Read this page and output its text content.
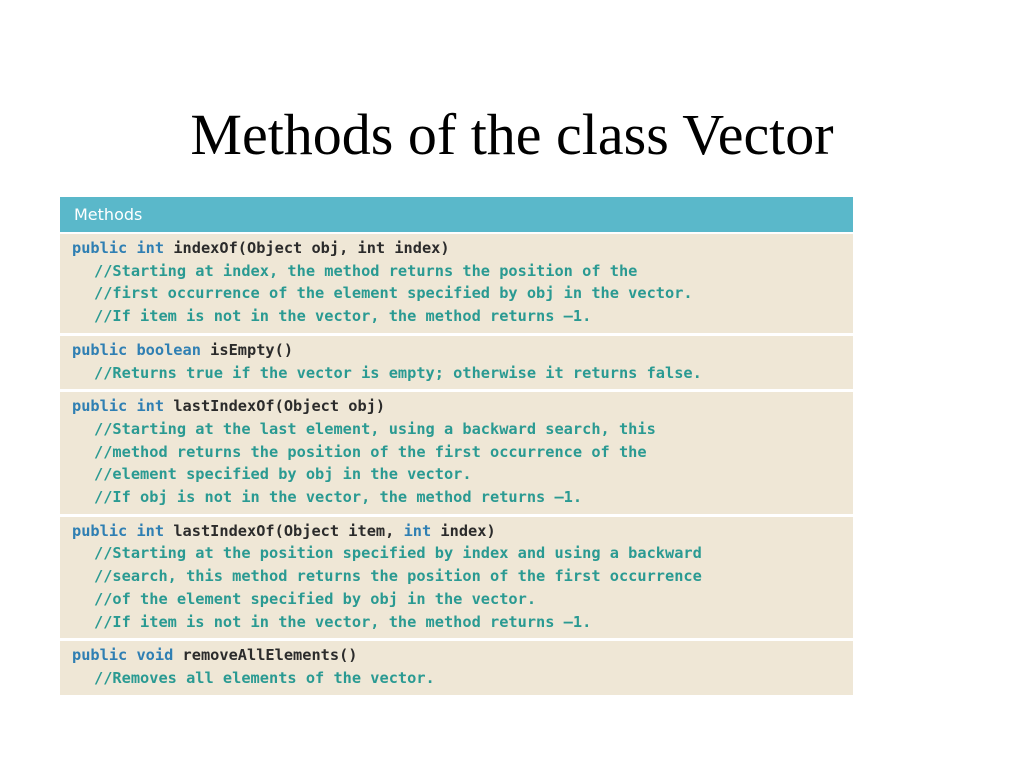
Methods of the class Vector
Methods
public int indexOf(Object obj, int index)
//Starting at index, the method returns the position of the
//first occurrence of the element specified by obj in the vector.
//If item is not in the vector, the method returns –1.
public boolean isEmpty()
//Returns true if the vector is empty; otherwise it returns false.
public int lastIndexOf(Object obj)
//Starting at the last element, using a backward search, this
//method returns the position of the first occurrence of the
//element specified by obj in the vector.
//If obj is not in the vector, the method returns –1.
public int lastIndexOf(Object item, int index)
//Starting at the position specified by index and using a backward
//search, this method returns the position of the first occurrence
//of the element specified by obj in the vector.
//If item is not in the vector, the method returns –1.
public void removeAllElements()
//Removes all elements of the vector.
